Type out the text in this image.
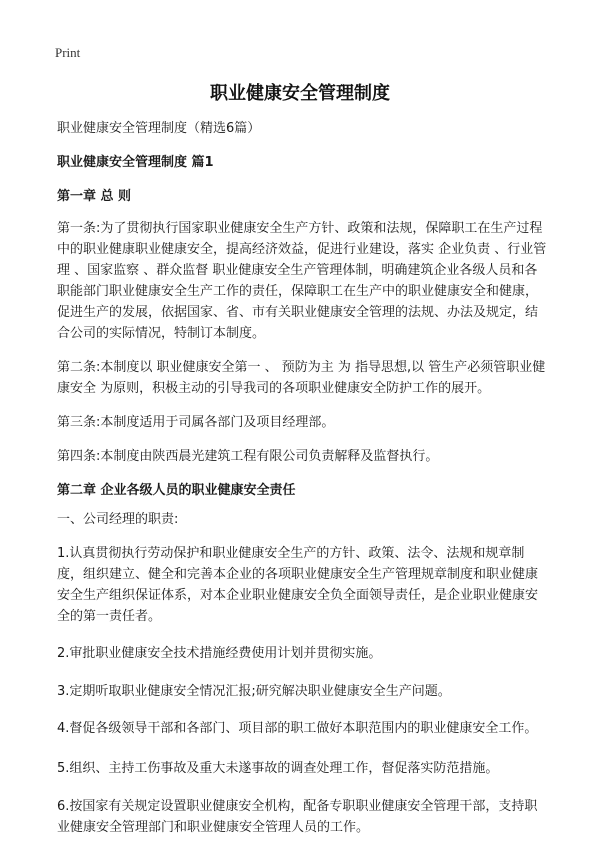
Print
职业健康安全管理制度
职业健康安全管理制度（精选6篇）
职业健康安全管理制度 篇1
第一章 总 则
第一条:为了贯彻执行国家职业健康安全生产方针、政策和法规，保障职工在生产过程中的职业健康职业健康安全，提高经济效益，促进行业建设，落实 企业负责 、行业管理 、国家监察 、群众监督 职业健康安全生产管理体制，明确建筑企业各级人员和各职能部门职业健康安全生产工作的责任，保障职工在生产中的职业健康安全和健康，促进生产的发展，依据国家、省、市有关职业健康安全管理的法规、办法及规定，结合公司的实际情况，特制订本制度。
第二条:本制度以 职业健康安全第一 、 预防为主 为 指导思想,以 管生产必须管职业健康安全 为原则，积极主动的引导我司的各项职业健康安全防护工作的展开。
第三条:本制度适用于司属各部门及项目经理部。
第四条:本制度由陕西晨光建筑工程有限公司负责解释及监督执行。
第二章 企业各级人员的职业健康安全责任
一、公司经理的职责:
1.认真贯彻执行劳动保护和职业健康安全生产的方针、政策、法令、法规和规章制度，组织建立、健全和完善本企业的各项职业健康安全生产管理规章制度和职业健康安全生产组织保证体系，对本企业职业健康安全负全面领导责任，是企业职业健康安全的第一责任者。
2.审批职业健康安全技术措施经费使用计划并贯彻实施。
3.定期听取职业健康安全情况汇报;研究解决职业健康安全生产问题。
4.督促各级领导干部和各部门、项目部的职工做好本职范围内的职业健康安全工作。
5.组织、主持工伤事故及重大未遂事故的调查处理工作，督促落实防范措施。
6.按国家有关规定设置职业健康安全机构，配备专职职业健康安全管理干部，支持职业健康安全管理部门和职业健康安全管理人员的工作。
